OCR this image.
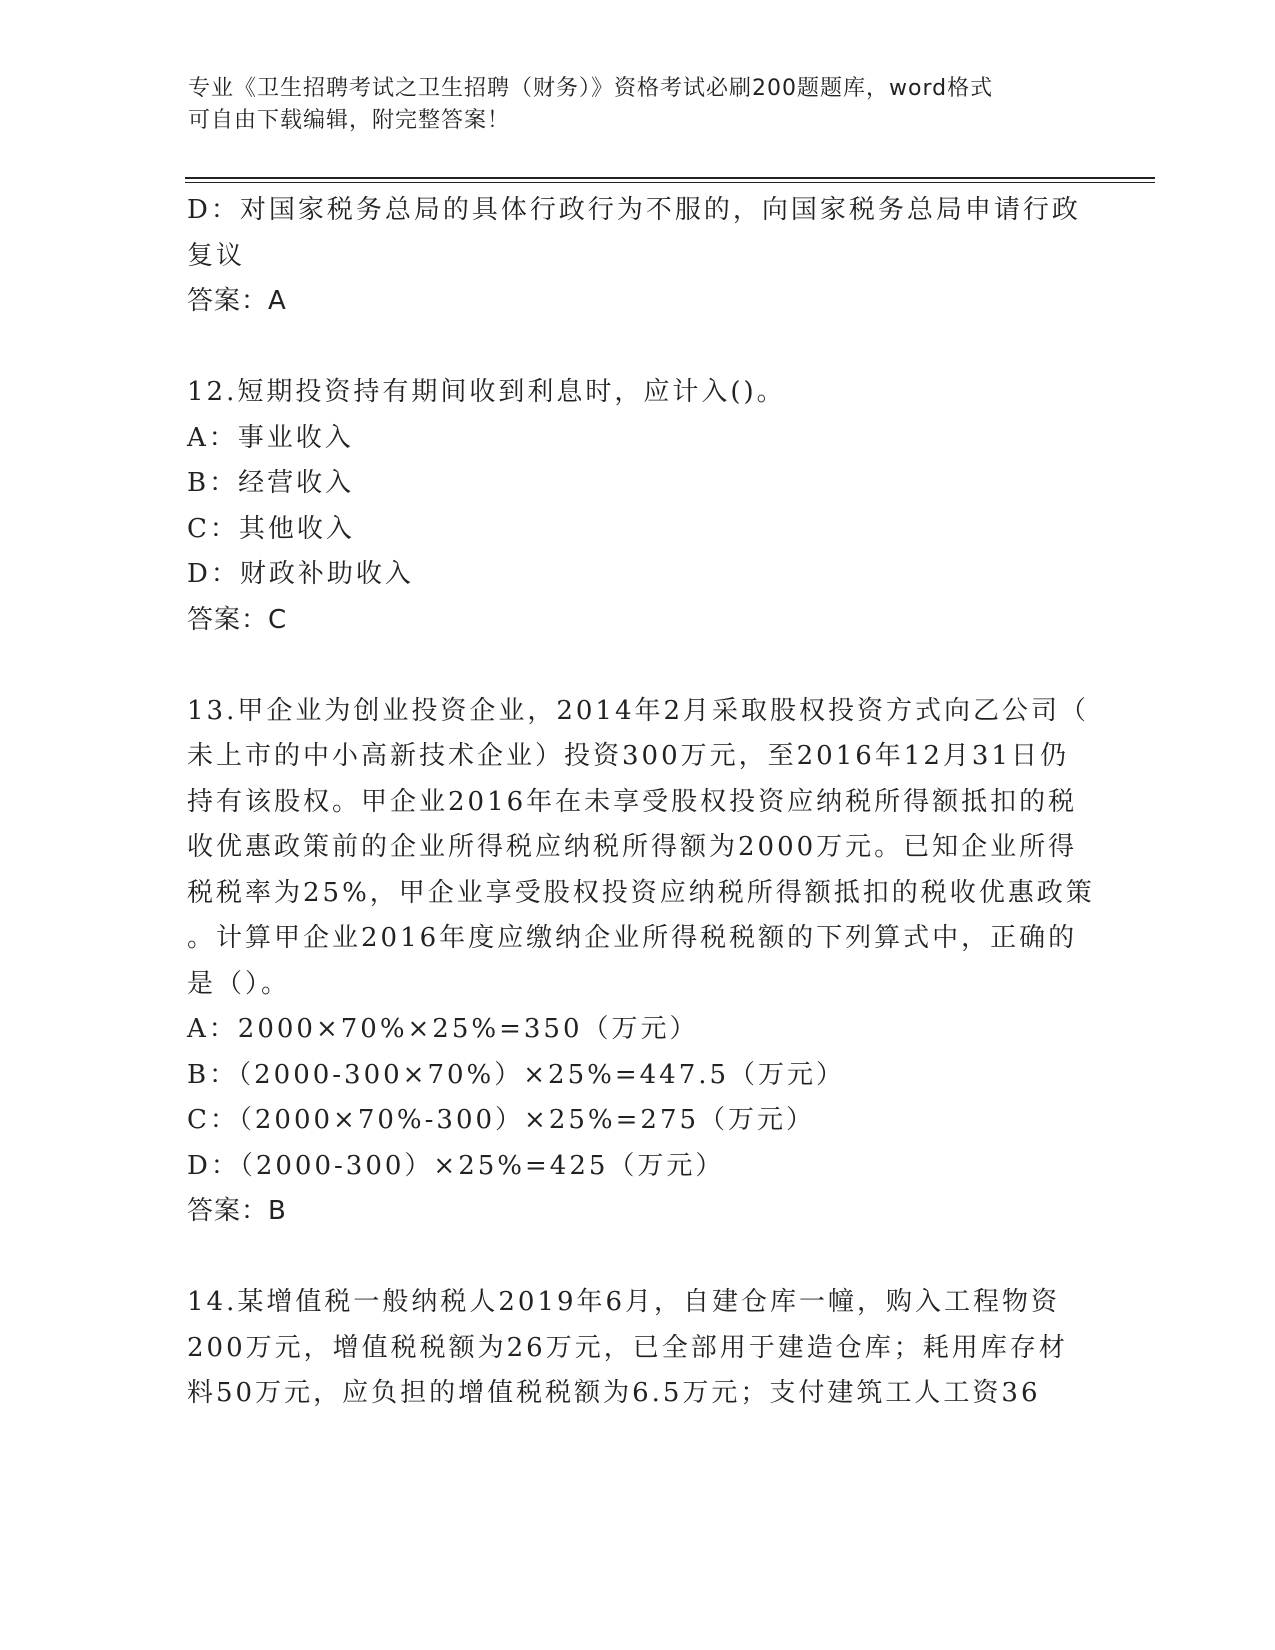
专业《卫生招聘考试之卫生招聘（财务）》资格考试必刷200题题库，word格式
可自由下载编辑，附完整答案！
D：对国家税务总局的具体行政行为不服的，向国家税务总局申请行政
复议
答案：A
12.短期投资持有期间收到利息时，应计入()。
A：事业收入
B：经营收入
C：其他收入
D：财政补助收入
答案：C
13.甲企业为创业投资企业，2014年2月采取股权投资方式向乙公司（
未上市的中小高新技术企业）投资300万元，至2016年12月31日仍
持有该股权。甲企业2016年在未享受股权投资应纳税所得额抵扣的税
收优惠政策前的企业所得税应纳税所得额为2000万元。已知企业所得
税税率为25%，甲企业享受股权投资应纳税所得额抵扣的税收优惠政策
。计算甲企业2016年度应缴纳企业所得税税额的下列算式中，正确的
是（）。
A：2000×70%×25%=350（万元）
B：（2000-300×70%）×25%=447.5（万元）
C：（2000×70%-300）×25%=275（万元）
D：（2000-300）×25%=425（万元）
答案：B
14.某增值税一般纳税人2019年6月，自建仓库一幢，购入工程物资
200万元，增值税税额为26万元，已全部用于建造仓库；耗用库存材
料50万元，应负担的增值税税额为6.5万元；支付建筑工人工资36
